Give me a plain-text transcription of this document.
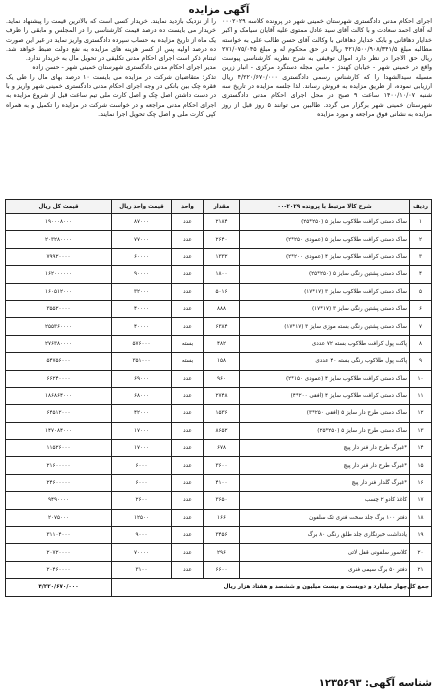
آگهی مزایده

اجرای احکام مدنی دادگستری شهرستان خمینی شهر در پرونده کلاسه ۰۰۰۲۰۲۹ له آقای احمد سعادت و با کالت آقای سید عادل ممتوی علیه آقایان سیامک و اکبر خدایار دهاقانی و بابک خدایار دهاقانی با وکالت آقای حسن طالب علی به خواسته مطالبه مبلغ ۴۲۱/۵۰۰/۹۰۸/۳۴۱/۵ ریال در حق محکوم له و مبلغ ۲۷۱/۰۷۵/۰۴۵ ریال حق الاجرا در نظر دارد اموال توقیفی به شرح نظریه کارشناسی پیوست واقع در خمینی شهر - خیابان کهندژ - مابین مجله دستگرد مرکزی - انبار زرین مسیله سیدالشهدا را که کارشناس رسمی دادگستری ۴/۲۲۰/۶۷۰/۰۰۰ ریال ارزیابی نموده، از طریق مزایده به فروش رساند. لذا جلسه مزایده در تاریخ سه شنبه ۱۴۰۰/۱۰/۰۷ ساعت ۹ صبح در محل اجرای احکام مدنی دادگستری شهرستان خمینی شهر برگزار می گردد. طالبین می توانند ۵ روز قبل از روز مزایده به نشانی فوق مراجعه و مورد مزایده

را از نزدیک بازدید نمایند. خریدار کسی است که بالاترین قیمت را پیشنهاد نماید. خریدار می بایست ده درصد قیمت کارشناسی را در المجلس و مابقی را ظرف یک ماه از تاریخ مزایده به حساب سپرده دادگستری واریز نماید در غیر این صورت ده درصد اولیه پس از کسر هزینه های مزایده به نفع دولت ضبط خواهد شد. ثبتنام ذکر است اجرای احکام مدنی تکلیفی در تحویل مال به خریدار ندارد.

مدیر اجرای احکام مدنی دادگستری شهرستان خمینی شهر - حسن زاده

تذکر: متقاضیان شرکت در مزایده می بایست ۱۰ درصد بهای مال را طی یک فقره چک بین بانکی در وجه اجرای احکام مدنی دادگستری خمینی شهر واریز و با در دست داشتن اصل چک و اصل کارت ملی تیم ساعت قبل از شروع مزایده به اجرای احکام مدنی مراجعه و در خواست شرکت در مزایده را تکمیل و به همراه کپی کارت ملی و اصل چک تحویل اجرا نمایند.

ردیف	شرح کالا مرتبط با پرونده ۲۰۲۹-۰۰	مقدار	واحد	قیمت واحد ریال	قیمت کل ریال
۱	ساک دستی کرافت طلاکوب سایز ۵ (۲۵۰*۲۵)	۲۱۸۴	عدد	۸۷۰۰۰	۱۹۰۰۰۸۰۰۰
۲	ساک دستی کرافت طلاکوب سایز ۵ (عمودی ۲۵۰*۲)	۲۶۴۰	عدد	۷۷۰۰۰	۲۰۳۲۸۰۰۰۰
۳	ساک دستی کرافت طلاکوب سایز ۴ (عمودی ۲۰۰*۲)	۱۳۳۲	عدد	۶۰۰۰۰	۷۹۹۲۰۰۰۰
۴	ساک دستی پشتین رنگی سایز ۵ (۲۵۰*۲۵)	۱۸۰۰	عدد	۹۰۰۰۰	۱۶۲۰۰۰۰۰۰
۵	ساک دستی کرافت طلاکوب سایز ۳ (۱۷*۱۷)	۵۰۱۶	عدد	۳۲۰۰۰	۱۶۰۵۱۲۰۰۰
۶	ساک دستی پشتین رنگی سایز ۳ (۱۷*۱۷)	۸۸۸	عدد	۴۰۰۰۰	۳۵۵۲۰۰۰۰
۷	ساک دستی پشتین رنگی بسته موزی سایز ۳ (۱۷*۱۷)	۶۳۸۴	عدد	۴۰۰۰۰	۲۵۵۳۶۰۰۰۰
۸	پاکت پول کرافت طلاکوب بسته ۷۲ عددی	۴۸۲	بسته	۵۷۶۰۰۰	۲۷۶۳۸۰۰۰۰
۹	پاکت پول طلاکوب رنگی بسته ۴۰ عددی	۱۵۸	بسته	۳۵۱۰۰۰	۵۴۷۵۶۰۰۰
۱۰	ساک دستی کرافت طلاکوب سایز ۴ (عمودی ۱۵۰*۲)	۹۶۰	عدد	۶۹۰۰۰	۶۶۲۴۰۰۰۰
۱۱	ساک دستی کرافت طلاکوب سایز ۴ (افقی ۲۰۰*۴)	۲۷۴۸	عدد	۶۸۰۰۰	۱۸۶۸۶۴۰۰۰
۱۲	ساک دستی طرح دار سایز ۵ (افقی ۲۵۰*۳)	۱۵۳۶	عدد	۴۲۰۰۰	۶۴۵۱۲۰۰۰
۱۳	ساک دستی طرح دار سایز ۵ (۲۵۰*۲۵)	۸۶۵۲	عدد	۱۷۰۰۰	۱۴۷۰۸۴۰۰۰
۱۴	*غبرگ طرح دار فنر دار پیچ	۶۷۸	عدد	۱۷۰۰۰	۱۱۵۲۶۰۰۰
۱۵	*غبرگ طرح دار فنر دار پیچ	۳۶۰۰	عدد	۶۰۰۰	۲۱۶۰۰۰۰۰
۱۶	*غبرگ گلدار فنر دار پیچ	۴۱۰۰	عدد	۶۰۰۰	۲۴۶۰۰۰۰۰
۱۷	کاغذ کادو ۲ چسب	۳۶۵۰	عدد	۲۶۰۰	۹۴۹۰۰۰۰
۱۸	دفتر ۱۰۰ برگ جلد سخت فنری تک سلفون	۱۶۶	عدد	۱۲۵۰۰	۲۰۷۵۰۰۰
۱۹	یادداشت خبرنگاری جلد طلق رنگی ۸۰ برگ	۳۴۵۶	عدد	۹۰۰۰	۳۱۱۰۴۰۰۰
۲۰	کلاسور سلفونی قفل لاتی	۲۹۶	عدد	۷۰۰۰۰	۲۰۷۲۰۰۰۰
۲۱	دفتر ۵۰ برگ سیمی فنری	۶۶۰۰	عدد	۳۱۰۰	۲۰۴۶۰۰۰۰
جمع کل	چهار میلیارد و دویست و بیست میلیون و ششصد و هفتاد هزار ریال				۴/۲۲۰/۶۷۰/۰۰۰
شناسه آگهی: ۱۲۳۵۶۹۳
